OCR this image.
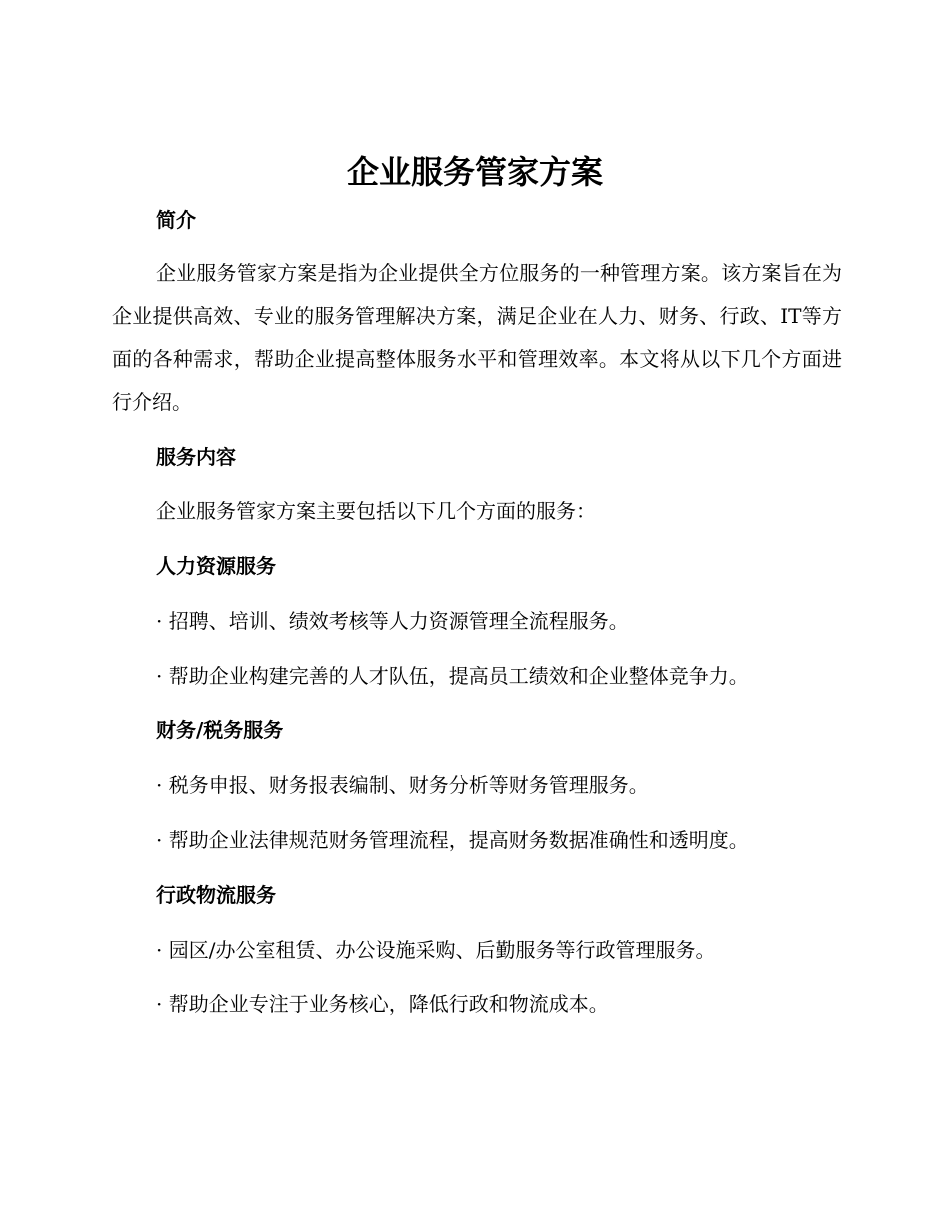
企业服务管家方案
简介

企业服务管家方案是指为企业提供全方位服务的一种管理方案。该方案旨在为企业提供高效、专业的服务管理解决方案，满足企业在人力、财务、行政、IT等方面的各种需求，帮助企业提高整体服务水平和管理效率。本文将从以下几个方面进行介绍。

服务内容

企业服务管家方案主要包括以下几个方面的服务：

人力资源服务

· 招聘、培训、绩效考核等人力资源管理全流程服务。

· 帮助企业构建完善的人才队伍，提高员工绩效和企业整体竞争力。

财务/税务服务

· 税务申报、财务报表编制、财务分析等财务管理服务。

· 帮助企业法律规范财务管理流程，提高财务数据准确性和透明度。

行政物流服务

· 园区/办公室租赁、办公设施采购、后勤服务等行政管理服务。

· 帮助企业专注于业务核心，降低行政和物流成本。
